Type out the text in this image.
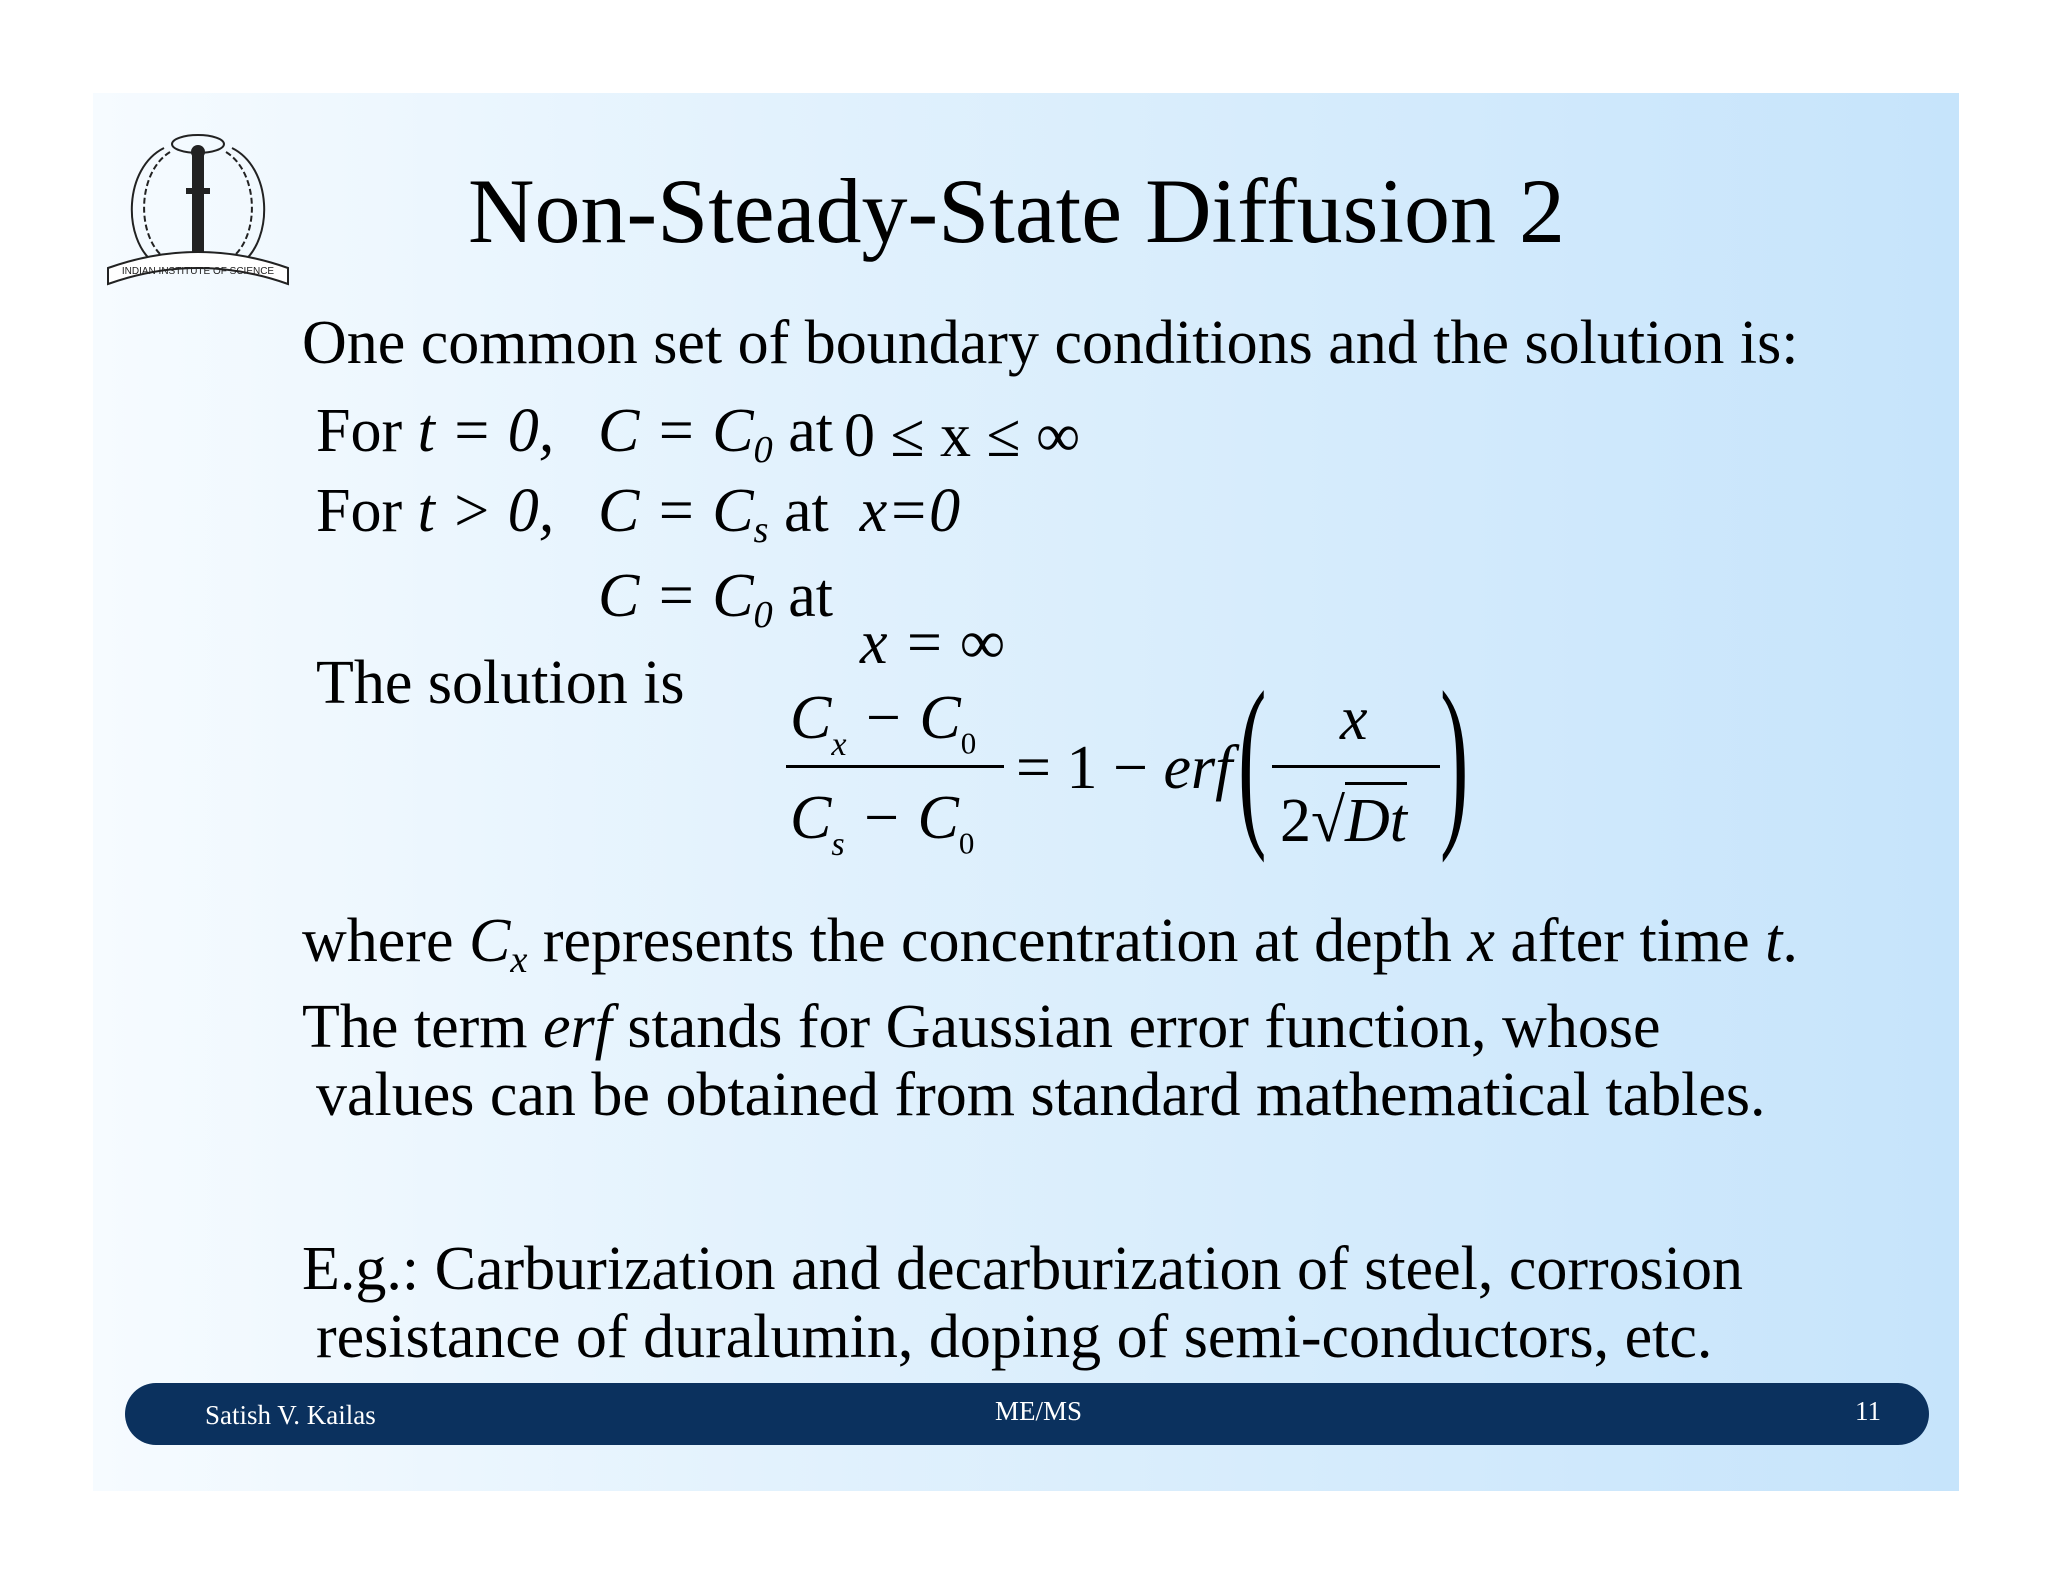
INDIAN INSTITUTE OF SCIENCE
Non-Steady-State Diffusion 2
One common set of boundary conditions and the solution is:
For t = 0, $C = C_0$ at 0 ≤ x ≤ ∞
For t > 0, $C = C_s$ at  x=0
$C = C_0$ at
x = ∞
The solution is
$C_x - C_0$
$C_s - C_0$
= 1 − erf ( x
2√Dt )
where $C_x$ represents the concentration at depth x after time t.
The term erf stands for Gaussian error function, whose
values can be obtained from standard mathematical tables.
E.g.: Carburization and decarburization of steel, corrosion
resistance of duralumin, doping of semi-conductors, etc.
Satish V. Kailas	ME/MS	11
